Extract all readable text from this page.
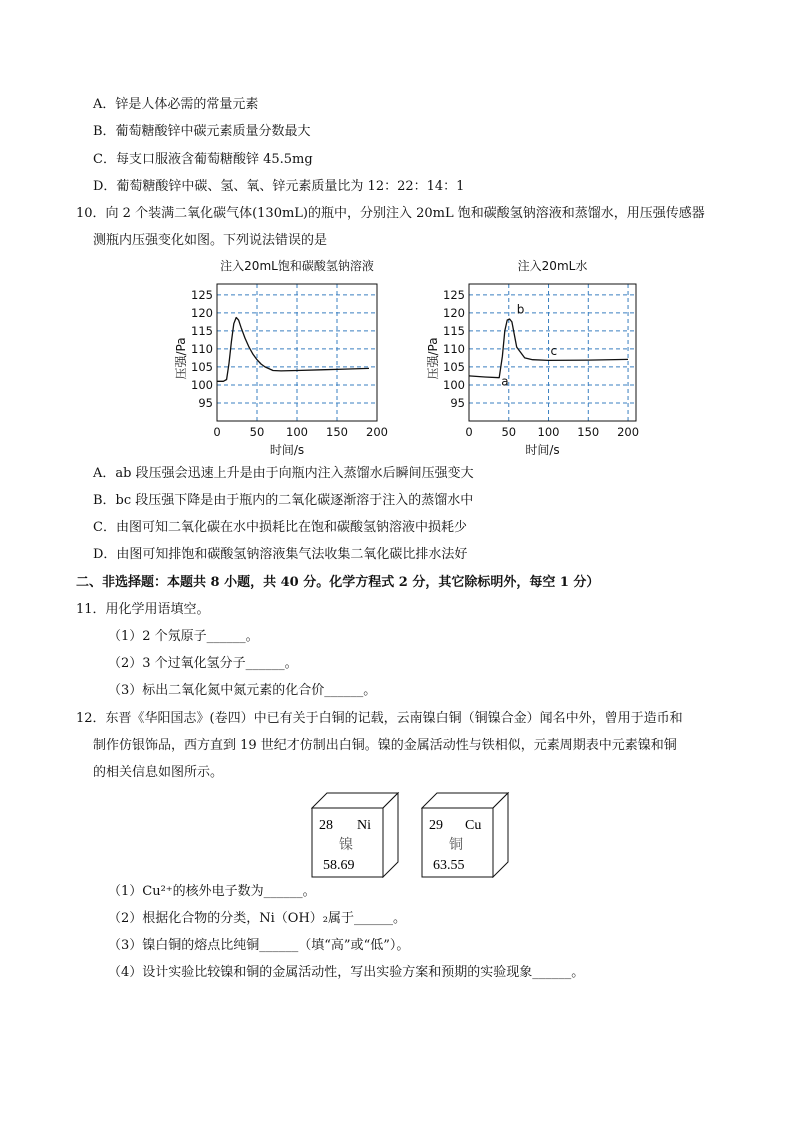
A．锌是人体必需的常量元素
B．葡萄糖酸锌中碳元素质量分数最大
C．每支口服液含葡萄糖酸锌 45.5mg
D．葡萄糖酸锌中碳、氢、氧、锌元素质量比为 12：22：14：1
10．向 2 个装满二氧化碳气体(130mL)的瓶中，分别注入 20mL 饱和碳酸氢钠溶液和蒸馏水，用压强传感器
测瓶内压强变化如图。下列说法错误的是
注入20mL饱和碳酸氢钠溶液
95
100
105
110
115
120
125
0	50 100 150 200
时间/s
压强/Pa
注入20mL水
95
100
105
110
115
120
125
0	50 100 150 200
时间/s
压强/Pa
a
b
c
A．ab 段压强会迅速上升是由于向瓶内注入蒸馏水后瞬间压强变大
B．bc 段压强下降是由于瓶内的二氧化碳逐渐溶于注入的蒸馏水中
C．由图可知二氧化碳在水中损耗比在饱和碳酸氢钠溶液中损耗少
D．由图可知排饱和碳酸氢钠溶液集气法收集二氧化碳比排水法好
二、非选择题：本题共 8 小题，共 40 分。化学方程式 2 分，其它除标明外，每空 1 分）
11．用化学用语填空。
（1）2 个氖原子______。
（2）3 个过氧化氢分子______。
（3）标出二氧化氮中氮元素的化合价______。
12．东晋《华阳国志》(卷四）中已有关于白铜的记载，云南镍白铜（铜镍合金）闻名中外，曾用于造币和
制作仿银饰品，西方直到 19 世纪才仿制出白铜。镍的金属活动性与铁相似，元素周期表中元素镍和铜
的相关信息如图所示。
28 Ni
镍
58.69
29 Cu
铜
63.55
（1）Cu²⁺的核外电子数为______。
（2）根据化合物的分类，Ni（OH）₂属于______。
（3）镍白铜的熔点比纯铜______（填“高”或“低”）。
（4）设计实验比较镍和铜的金属活动性，写出实验方案和预期的实验现象______。
